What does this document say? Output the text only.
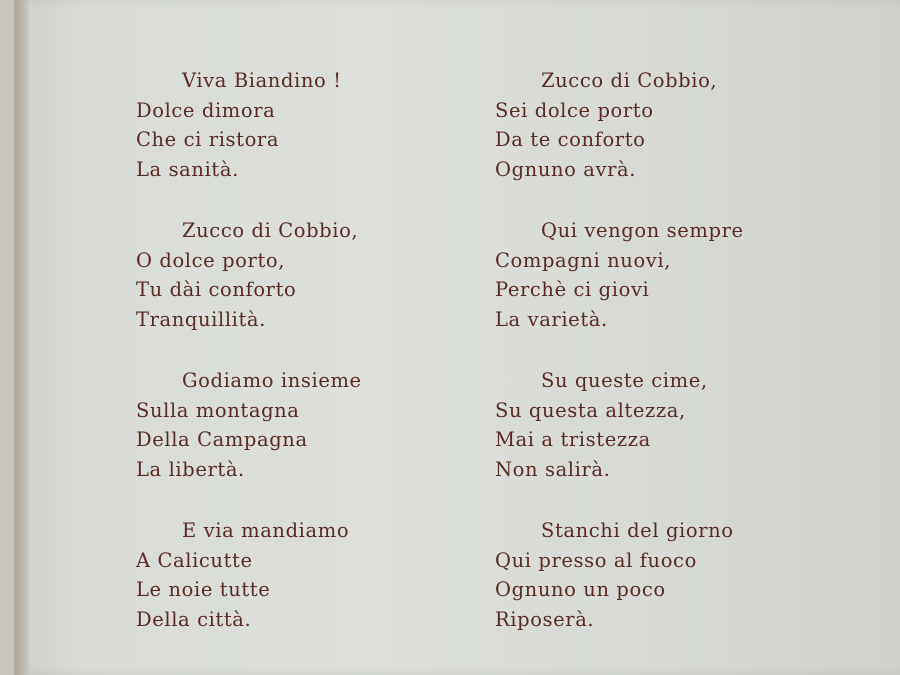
Viva Biandino !
Dolce dimora
Che ci ristora
La sanità.
Zucco di Cobbio,
O dolce porto,
Tu dài conforto
Tranquillità.
Godiamo insieme
Sulla montagna
Della Campagna
La libertà.
E via mandiamo
A Calicutte
Le noie tutte
Della città.
Zucco di Cobbio,
Sei dolce porto
Da te conforto
Ognuno avrà.
Qui vengon sempre
Compagni nuovi,
Perchè ci giovi
La varietà.
Su queste cime,
Su questa altezza,
Mai a tristezza
Non salirà.
Stanchi del giorno
Qui presso al fuoco
Ognuno un poco
Riposerà.
